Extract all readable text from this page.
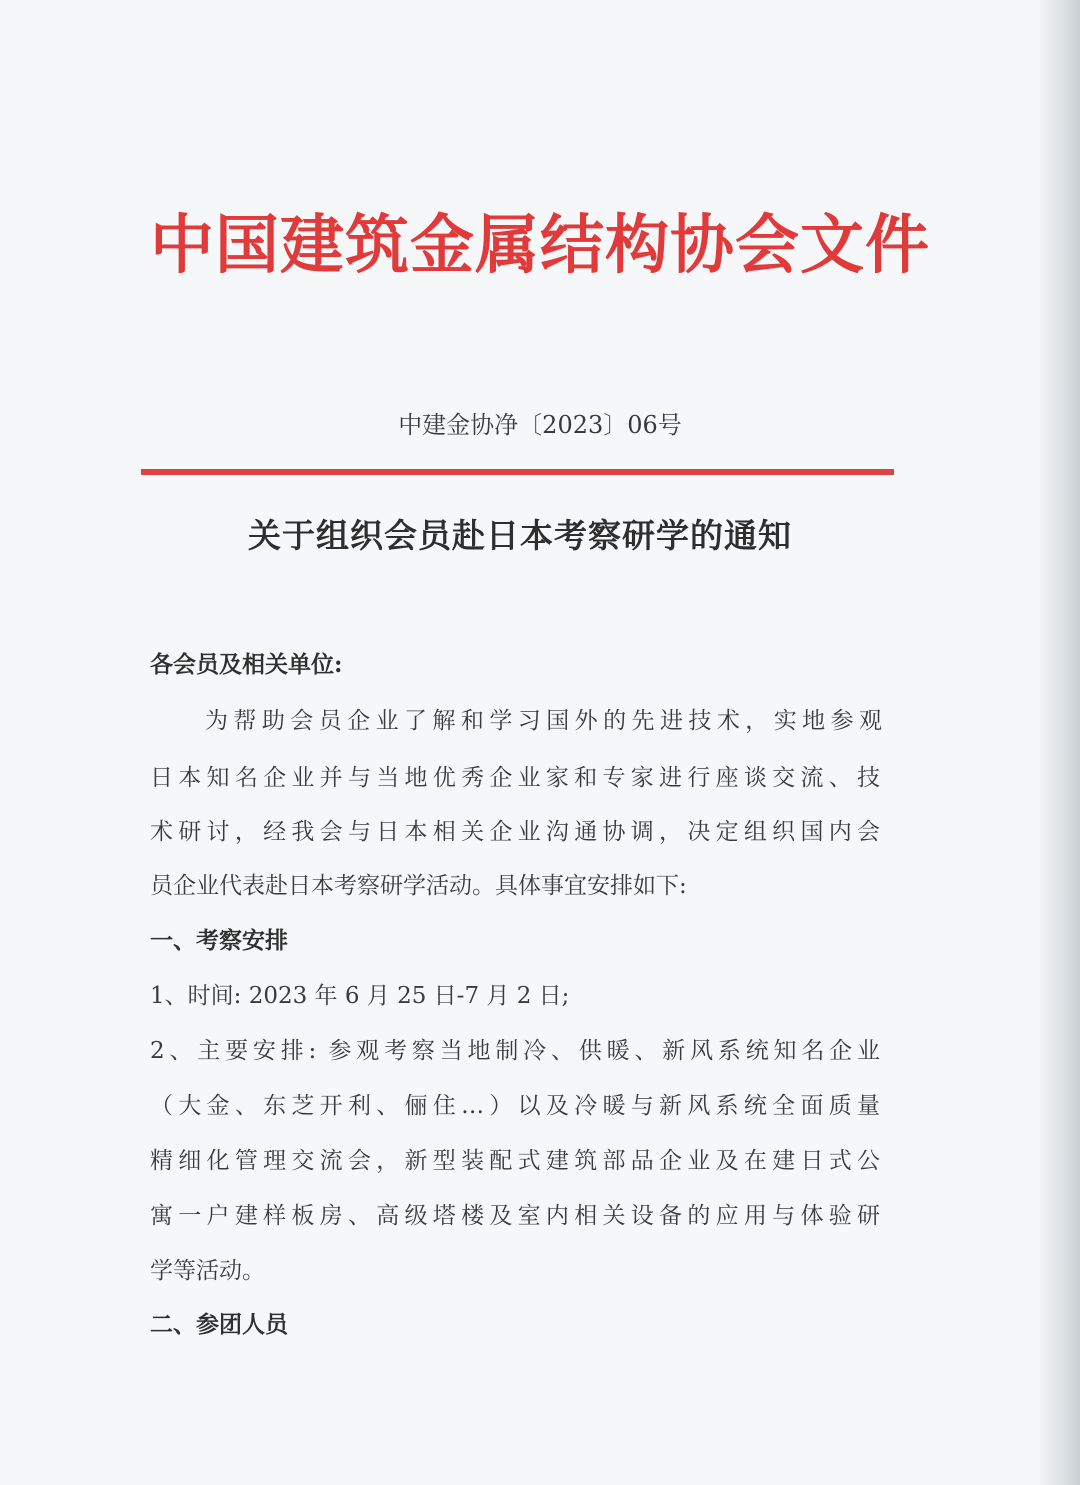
中国建筑金属结构协会文件
中建金协净〔2023〕06号
关于组织会员赴日本考察研学的通知
各会员及相关单位:
为帮助会员企业了解和学习国外的先进技术，实地参观
日本知名企业并与当地优秀企业家和专家进行座谈交流、技
术研讨，经我会与日本相关企业沟通协调，决定组织国内会
员企业代表赴日本考察研学活动。具体事宜安排如下:
一、考察安排
1、时间: 2023 年 6 月 25 日-7 月 2 日;
2、主要安排: 参观考察当地制冷、供暖、新风系统知名企业
（大金、东芝开利、俪住…）以及冷暖与新风系统全面质量
精细化管理交流会，新型装配式建筑部品企业及在建日式公
寓一户建样板房、高级塔楼及室内相关设备的应用与体验研
学等活动。
二、参团人员
